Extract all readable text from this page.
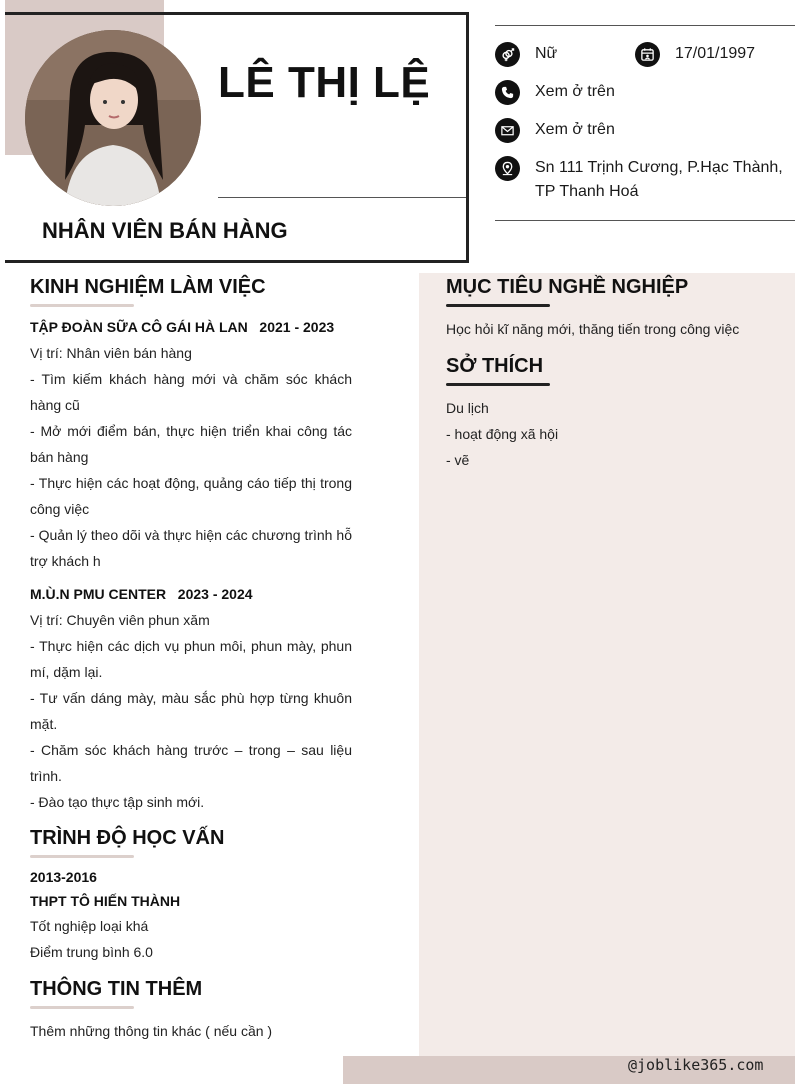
LÊ THỊ LỆ
NHÂN VIÊN BÁN HÀNG
Nữ	17/01/1997
Xem ở trên
Xem ở trên
Sn 111 Trịnh Cương, P.Hạc Thành,
TP Thanh Hoá
MỤC TIÊU NGHỀ NGHIỆP
Học hỏi kĩ năng mới, thăng tiến trong công việc
SỞ THÍCH
Du lịch
- hoạt động xã hội
- vẽ
KINH NGHIỆM LÀM VIỆC
TẬP ĐOÀN SỮA CÔ GÁI HÀ LAN 2021 - 2023
Vị trí: Nhân viên bán hàng
- Tìm kiếm khách hàng mới và chăm sóc khách hàng cũ
- Mở mới điểm bán, thực hiện triển khai công tác bán hàng
- Thực hiện các hoạt động, quảng cáo tiếp thị trong công việc
- Quản lý theo dõi và thực hiện các chương trình hỗ trợ khách h
M.Ù.N PMU CENTER 2023 - 2024
Vị trí: Chuyên viên phun xăm
- Thực hiện các dịch vụ phun môi, phun mày, phun mí, dặm lại.
- Tư vấn dáng mày, màu sắc phù hợp từng khuôn mặt.
- Chăm sóc khách hàng trước – trong – sau liệu trình.
- Đào tạo thực tập sinh mới.
TRÌNH ĐỘ HỌC VẤN
2013-2016
THPT TÔ HIẾN THÀNH
Tốt nghiệp loại khá
Điểm trung bình 6.0
THÔNG TIN THÊM
Thêm những thông tin khác ( nếu cần )
@joblike365.com
